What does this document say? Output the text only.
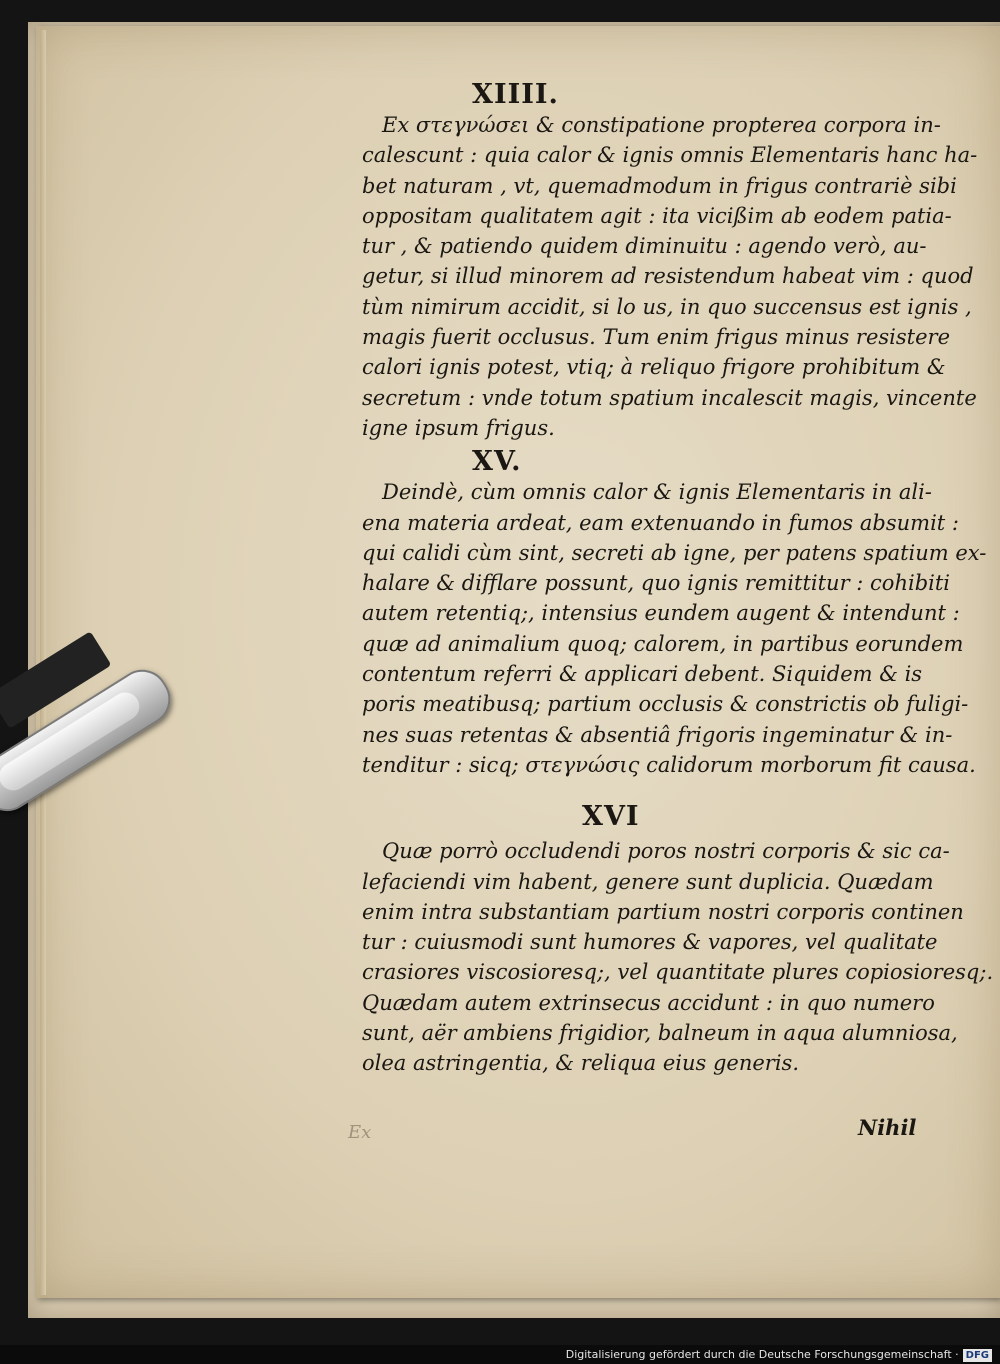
XIIII.
Ex στεγνώσει & constipatione propterea corpora in-
calescunt : quia calor & ignis omnis Elementaris hanc ha-
bet naturam , vt, quemadmodum in frigus contrariè sibi
oppositam qualitatem agit : ita vicißim ab eodem patia-
tur , & patiendo quidem diminuitu : agendo verò, au-
getur, si illud minorem ad resistendum habeat vim : quod
tùm nimirum accidit, si lo us, in quo succensus est ignis ,
magis fuerit occlusus. Tum enim frigus minus resistere
calori ignis potest, vtiq; à reliquo frigore prohibitum &
secretum : vnde totum spatium incalescit magis, vincente
igne ipsum frigus.
XV.
Deindè, cùm omnis calor & ignis Elementaris in ali-
ena materia ardeat, eam extenuando in fumos absumit :
qui calidi cùm sint, secreti ab igne, per patens spatium ex-
halare & difflare possunt, quo ignis remittitur : cohibiti
autem retentiq;, intensius eundem augent & intendunt :
quæ ad animalium quoq; calorem, in partibus eorundem
contentum referri & applicari debent. Siquidem & is
poris meatibusq; partium occlusis & constrictis ob fuligi-
nes suas retentas & absentiâ frigoris ingeminatur & in-
tenditur : sicq; στεγνώσις calidorum morborum fit causa.
XVI
Quæ porrò occludendi poros nostri corporis & sic ca-
lefaciendi vim habent, genere sunt duplicia. Quædam
enim intra substantiam partium nostri corporis continen
tur : cuiusmodi sunt humores & vapores, vel qualitate
crasiores viscosioresq;, vel quantitate plures copiosioresq;.
Quædam autem extrinsecus accidunt : in quo numero
sunt, aër ambiens frigidior, balneum in aqua alumniosa,
olea astringentia, & reliqua eius generis.
Ex	Nihil
Digitalisierung gefördert durch die Deutsche Forschungsgemeinschaft · DFG
